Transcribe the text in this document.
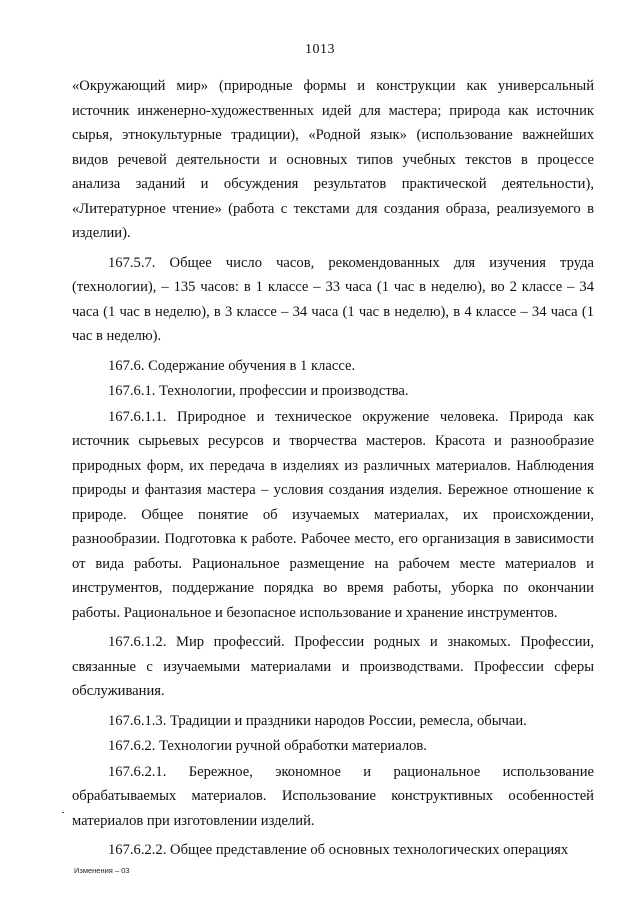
1013

«Окружающий мир» (природные формы и конструкции как универсальный источник инженерно-художественных идей для мастера; природа как источник сырья, этнокультурные традиции), «Родной язык» (использование важнейших видов речевой деятельности и основных типов учебных текстов в процессе анализа заданий и обсуждения результатов практической деятельности), «Литературное чтение» (работа с текстами для создания образа, реализуемого в изделии).

167.5.7. Общее число часов, рекомендованных для изучения труда (технологии), – 135 часов: в 1 классе – 33 часа (1 час в неделю), во 2 классе – 34 часа (1 час в неделю), в 3 классе – 34 часа (1 час в неделю), в 4 классе – 34 часа (1 час в неделю).

167.6. Содержание обучения в 1 классе.

167.6.1. Технологии, профессии и производства.

167.6.1.1. Природное и техническое окружение человека. Природа как источник сырьевых ресурсов и творчества мастеров. Красота и разнообразие природных форм, их передача в изделиях из различных материалов. Наблюдения природы и фантазия мастера – условия создания изделия. Бережное отношение к природе. Общее понятие об изучаемых материалах, их происхождении, разнообразии. Подготовка к работе. Рабочее место, его организация в зависимости от вида работы. Рациональное размещение на рабочем месте материалов и инструментов, поддержание порядка во время работы, уборка по окончании работы. Рациональное и безопасное использование и хранение инструментов.

167.6.1.2. Мир профессий. Профессии родных и знакомых. Профессии, связанные с изучаемыми материалами и производствами. Профессии сферы обслуживания.

167.6.1.3. Традиции и праздники народов России, ремесла, обычаи.

167.6.2. Технологии ручной обработки материалов.

167.6.2.1. Бережное, экономное и рациональное использование обрабатываемых материалов. Использование конструктивных особенностей материалов при изготовлении изделий.

167.6.2.2. Общее представление об основных технологических операциях

Изменения – 03
